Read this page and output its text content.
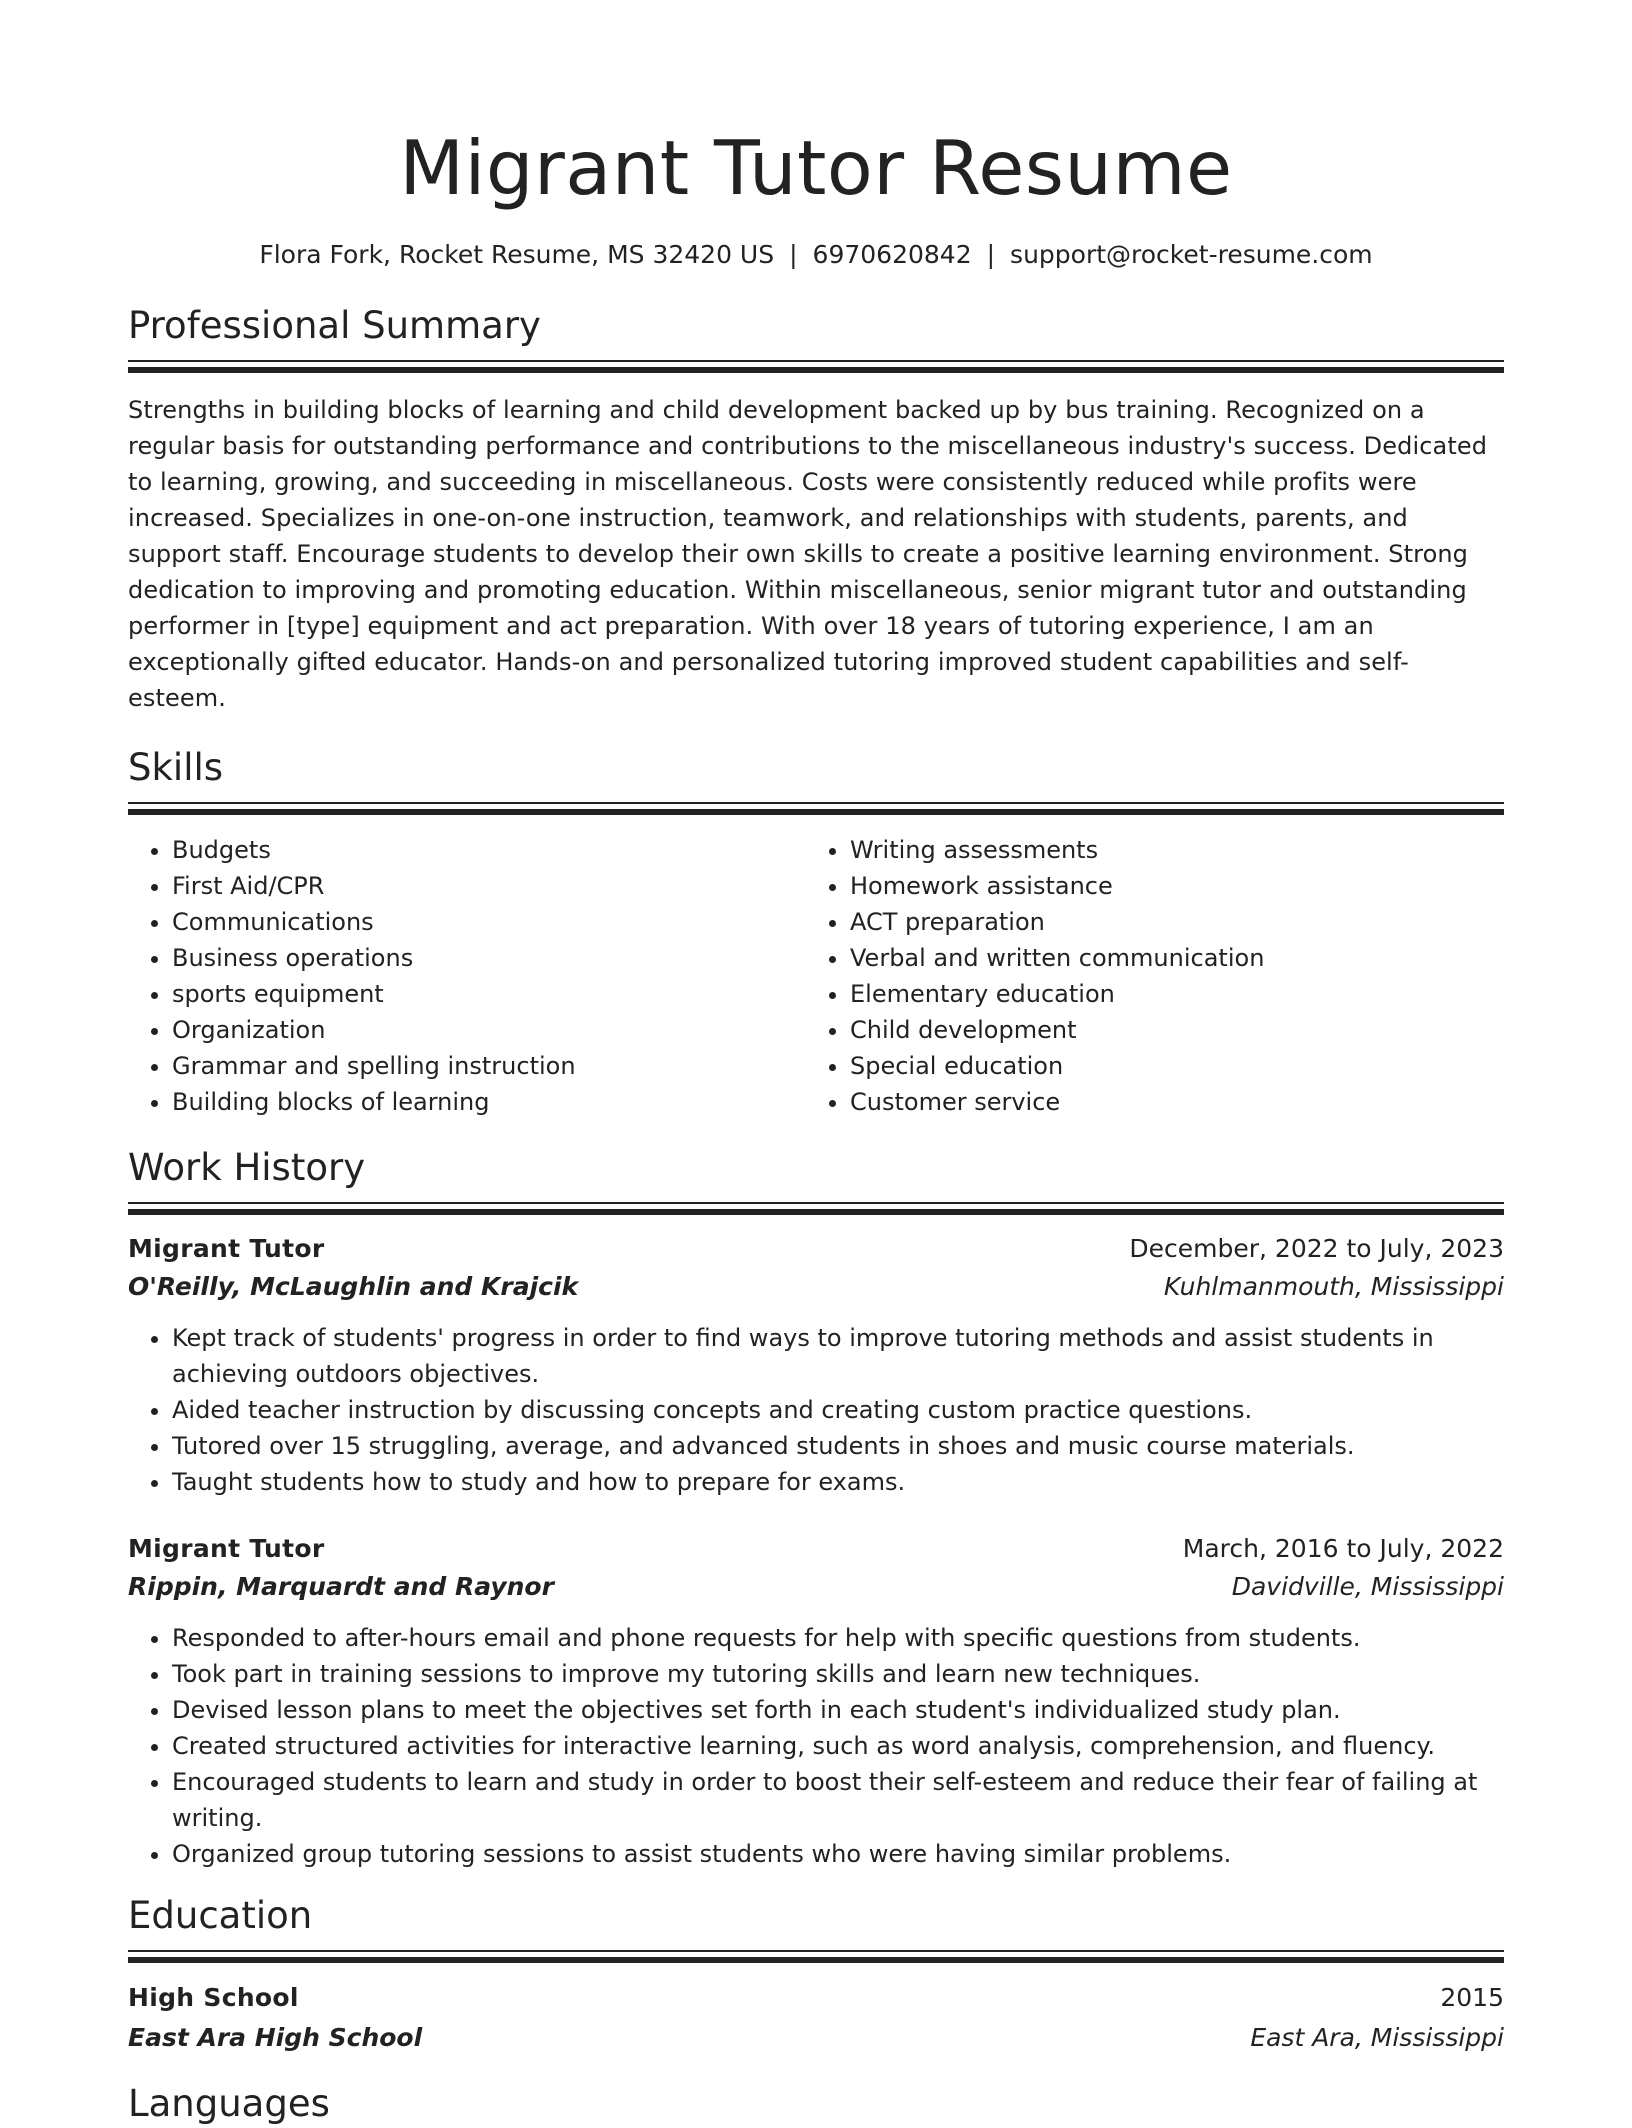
Migrant Tutor Resume
Flora Fork, Rocket Resume, MS 32420 US | 6970620842 | support@rocket-resume.com
Professional Summary
Strengths in building blocks of learning and child development backed up by bus training. Recognized on a regular basis for outstanding performance and contributions to the miscellaneous industry's success. Dedicated to learning, growing, and succeeding in miscellaneous. Costs were consistently reduced while profits were increased. Specializes in one-on-one instruction, teamwork, and relationships with students, parents, and support staff. Encourage students to develop their own skills to create a positive learning environment. Strong dedication to improving and promoting education. Within miscellaneous, senior migrant tutor and outstanding performer in [type] equipment and act preparation. With over 18 years of tutoring experience, I am an exceptionally gifted educator. Hands-on and personalized tutoring improved student capabilities and self-esteem.
Skills
• Budgets
• First Aid/CPR
• Communications
• Business operations
• sports equipment
• Organization
• Grammar and spelling instruction
• Building blocks of learning
• Writing assessments
• Homework assistance
• ACT preparation
• Verbal and written communication
• Elementary education
• Child development
• Special education
• Customer service
Work History
Migrant Tutor	December, 2022 to July, 2023
O'Reilly, McLaughlin and Krajcik	Kuhlmanmouth, Mississippi
• Kept track of students' progress in order to find ways to improve tutoring methods and assist students in achieving outdoors objectives.
• Aided teacher instruction by discussing concepts and creating custom practice questions.
• Tutored over 15 struggling, average, and advanced students in shoes and music course materials.
• Taught students how to study and how to prepare for exams.
Migrant Tutor	March, 2016 to July, 2022
Rippin, Marquardt and Raynor	Davidville, Mississippi
• Responded to after-hours email and phone requests for help with specific questions from students.
• Took part in training sessions to improve my tutoring skills and learn new techniques.
• Devised lesson plans to meet the objectives set forth in each student's individualized study plan.
• Created structured activities for interactive learning, such as word analysis, comprehension, and fluency.
• Encouraged students to learn and study in order to boost their self-esteem and reduce their fear of failing at writing.
• Organized group tutoring sessions to assist students who were having similar problems.
Education
High School	2015
East Ara High School	East Ara, Mississippi
Languages
